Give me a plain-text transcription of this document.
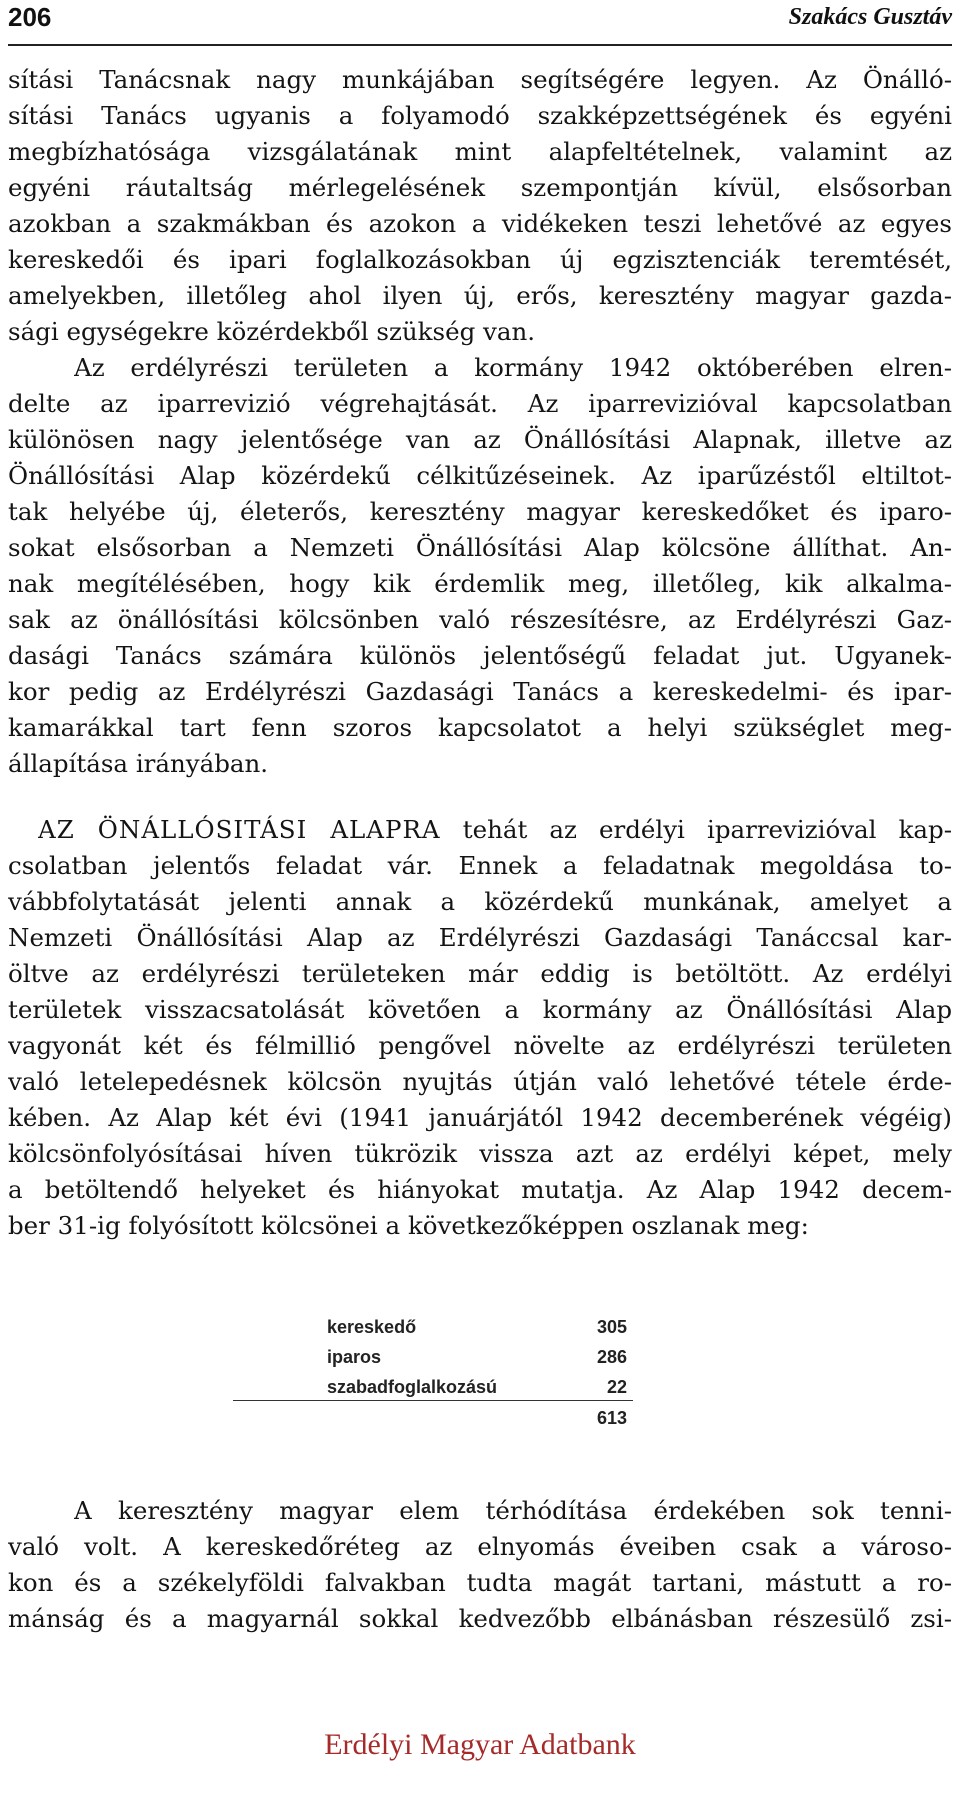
206	Szakács Gusztáv
sítási Tanácsnak nagy munkájában segítségére legyen. Az Önálló-
sítási Tanács ugyanis a folyamodó szakképzettségének és egyéni
megbízhatósága vizsgálatának mint alapfeltételnek, valamint az
egyéni ráutaltság mérlegelésének szempontján kívül, elsősorban
azokban a szakmákban és azokon a vidékeken teszi lehetővé az egyes
kereskedői és ipari foglalkozásokban új egzisztenciák teremtését,
amelyekben, illetőleg ahol ilyen új, erős, keresztény magyar gazda-
sági egységekre közérdekből szükség van.
Az erdélyrészi területen a kormány 1942 októberében elren-
delte az iparrevizió végrehajtását. Az iparrevizióval kapcsolatban
különösen nagy jelentősége van az Önállósítási Alapnak, illetve az
Önállósítási Alap közérdekű célkitűzéseinek. Az iparűzéstől eltiltot-
tak helyébe új, életerős, keresztény magyar kereskedőket és iparo-
sokat elsősorban a Nemzeti Önállósítási Alap kölcsöne állíthat. An-
nak megítélésében, hogy kik érdemlik meg, illetőleg, kik alkalma-
sak az önállósítási kölcsönben való részesítésre, az Erdélyrészi Gaz-
dasági Tanács számára különös jelentőségű feladat jut. Ugyanek-
kor pedig az Erdélyrészi Gazdasági Tanács a kereskedelmi- és ipar-
kamarákkal tart fenn szoros kapcsolatot a helyi szükséglet meg-
állapítása irányában.
AZ ÖNÁLLÓSITÁSI ALAPRA tehát az erdélyi iparrevizióval kap-
csolatban jelentős feladat vár. Ennek a feladatnak megoldása to-
vábbfolytatását jelenti annak a közérdekű munkának, amelyet a
Nemzeti Önállósítási Alap az Erdélyrészi Gazdasági Tanáccsal kar-
öltve az erdélyrészi területeken már eddig is betöltött. Az erdélyi
területek visszacsatolását követően a kormány az Önállósítási Alap
vagyonát két és félmillió pengővel növelte az erdélyrészi területen
való letelepedésnek kölcsön nyujtás útján való lehetővé tétele érde-
kében. Az Alap két évi (1941 januárjától 1942 decemberének végéig)
kölcsönfolyósításai híven tükrözik vissza azt az erdélyi képet, mely
a betöltendő helyeket és hiányokat mutatja. Az Alap 1942 decem-
ber 31-ig folyósított kölcsönei a következőképpen oszlanak meg:
kereskedő	305
iparos	286
szabadfoglalkozású	22
613
A keresztény magyar elem térhódítása érdekében sok tenni-
való volt. A kereskedőréteg az elnyomás éveiben csak a városo-
kon és a székelyföldi falvakban tudta magát tartani, mástutt a ro-
mánság és a magyarnál sokkal kedvezőbb elbánásban részesülő zsi-
Erdélyi Magyar Adatbank
